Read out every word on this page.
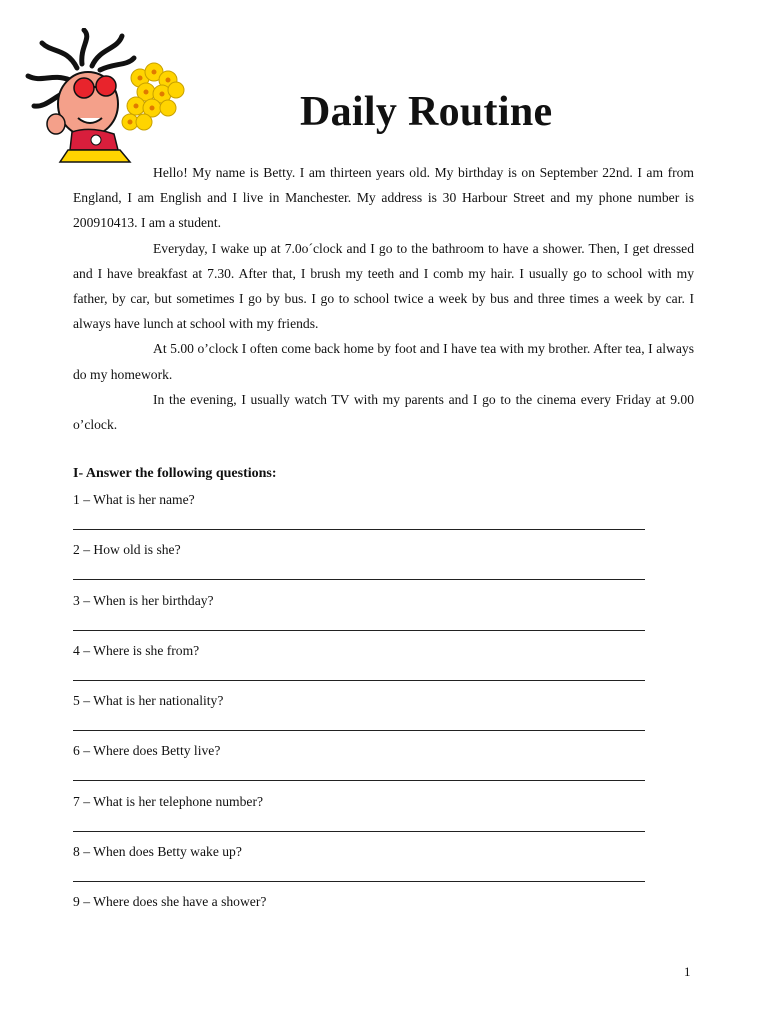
Daily Routine

Hello! My name is Betty. I am thirteen years old. My birthday is on September 22nd. I am from England, I am English and I live in Manchester. My address is 30 Harbour Street and my phone number is 200910413. I am a student.

Everyday, I wake up at 7.0o´clock and I go to the bathroom to have a shower. Then, I get dressed and I have breakfast at 7.30. After that, I brush my teeth and I comb my hair. I usually go to school with my father, by car, but sometimes I go by bus. I go to school twice a week by bus and three times a week by car. I always have lunch at school with my friends.

At 5.00 o’clock I often come back home by foot and I have tea with my brother. After tea, I always do my homework.

In the evening, I usually watch TV with my parents and I go to the cinema every Friday at 9.00 o’clock.

I- Answer the following questions:
1 – What is her name?
2 – How old is she?
3 – When is her birthday?
4 – Where is she from?
5 – What is her nationality?
6 – Where does Betty live?
7 – What is her telephone number?
8 – When does Betty wake up?
9 – Where does she have a shower?
1
